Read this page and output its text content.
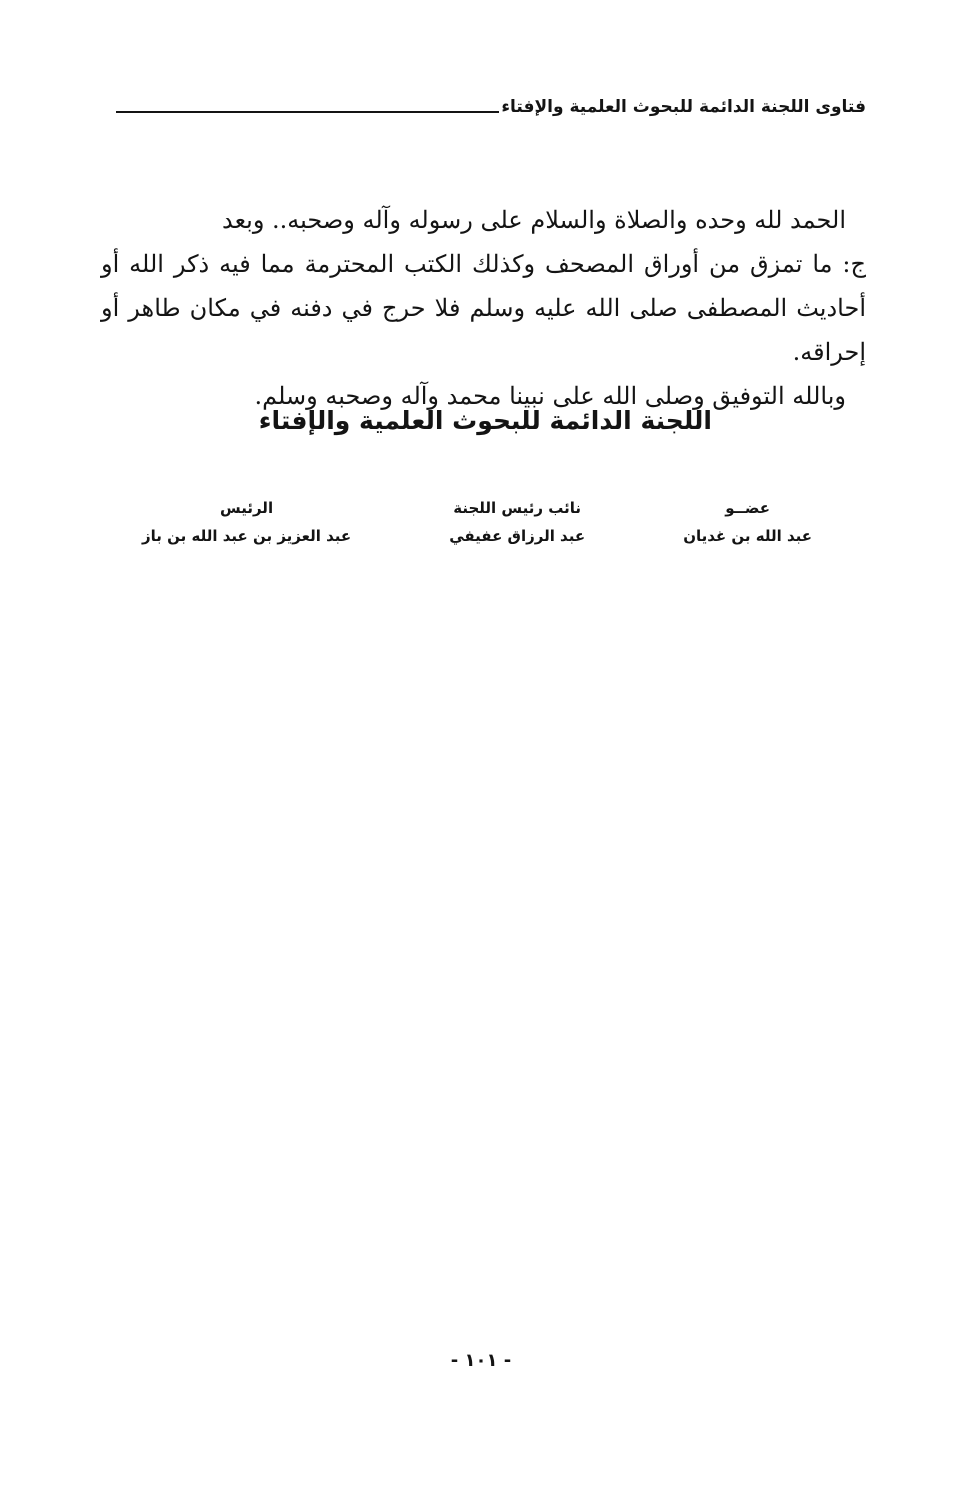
فتاوى اللجنة الدائمة للبحوث العلمية والإفتاء

الحمد لله وحده والصلاة والسلام على رسوله وآله وصحبه.. وبعد

ج: ما تمزق من أوراق المصحف وكذلك الكتب المحترمة مما فيه ذكر الله أو أحاديث المصطفى صلى الله عليه وسلم فلا حرج في دفنه في مكان طاهر أو إحراقه.

وبالله التوفيق وصلى الله على نبينا محمد وآله وصحبه وسلم.

اللجنة الدائمة للبحوث العلمية والإفتاء
عضــو
عبد الله بن غديان
نائب رئيس اللجنة
عبد الرزاق عفيفي
الرئيس
عبد العزيز بن عبد الله بن باز
- ١٠١ -
